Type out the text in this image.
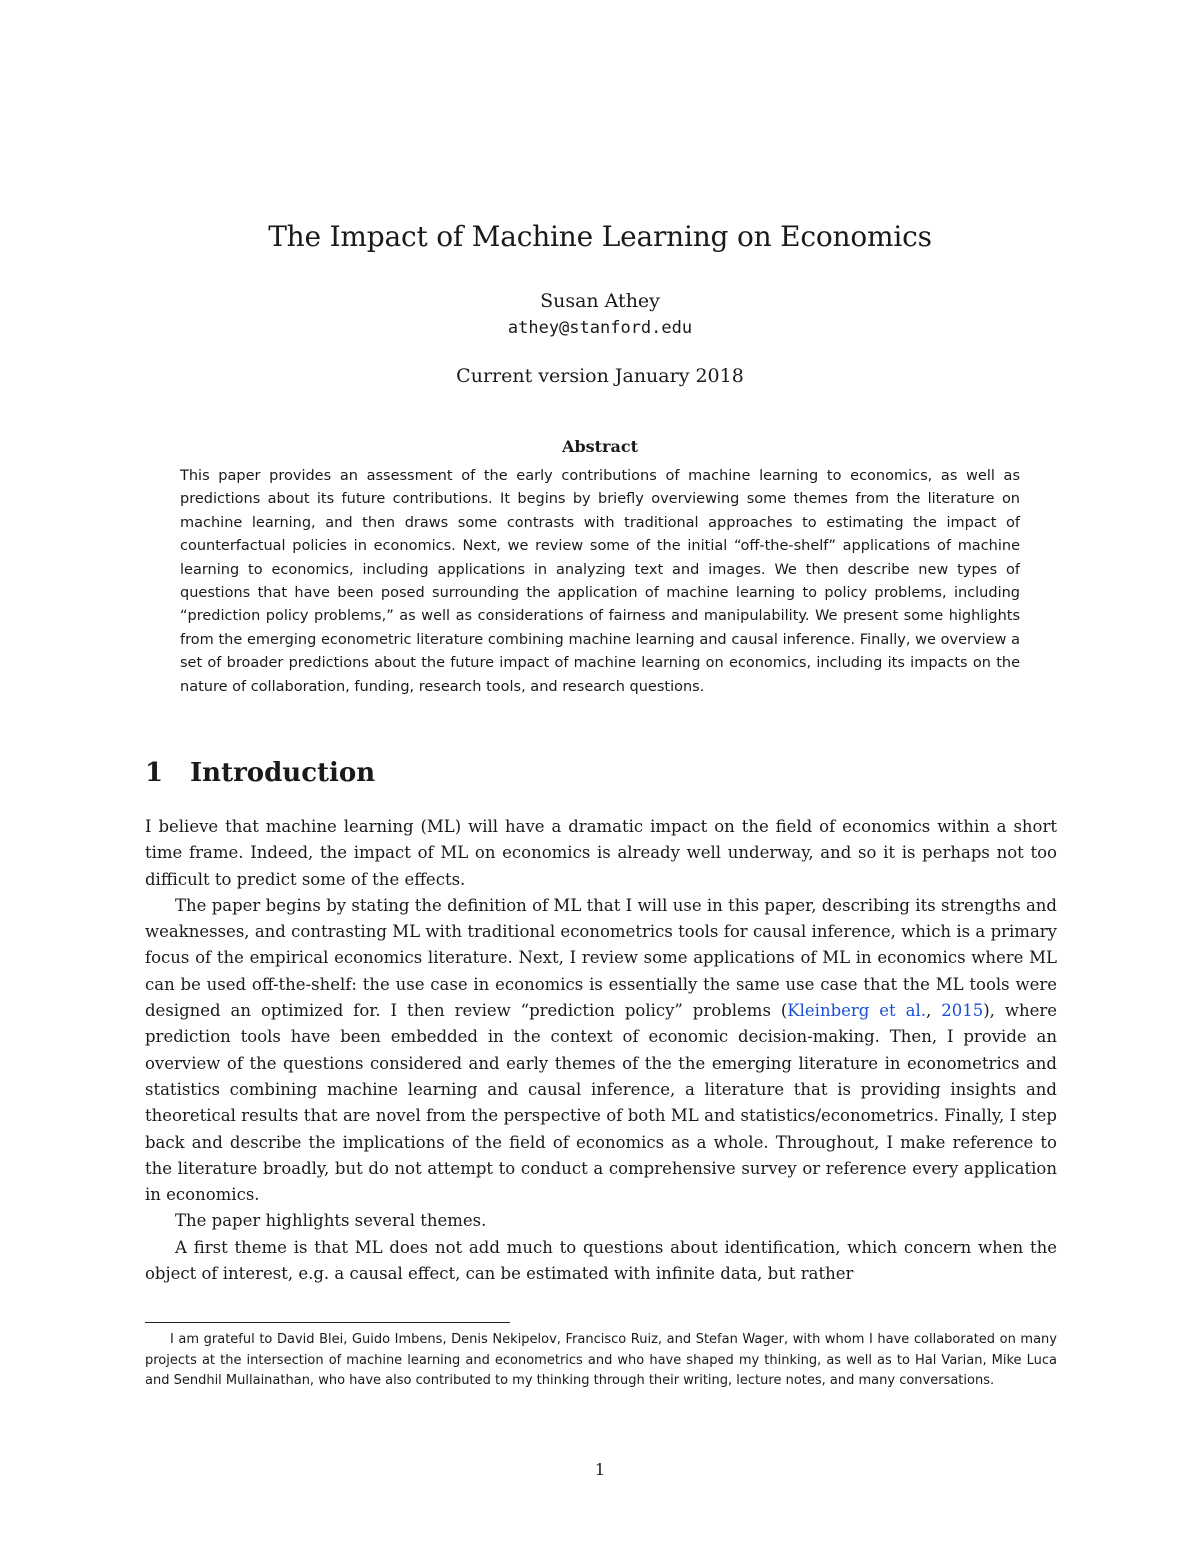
The Impact of Machine Learning on Economics
Susan Athey
athey@stanford.edu
Current version January 2018
Abstract
This paper provides an assessment of the early contributions of machine learning to economics, as well as predictions about its future contributions. It begins by briefly overviewing some themes from the literature on machine learning, and then draws some contrasts with traditional approaches to estimating the impact of counterfactual policies in economics. Next, we review some of the initial “off-the-shelf” applications of machine learning to economics, including applications in analyzing text and images. We then describe new types of questions that have been posed surrounding the application of machine learning to policy problems, including “prediction policy problems,” as well as considerations of fairness and manipulability. We present some highlights from the emerging econometric literature combining machine learning and causal inference. Finally, we overview a set of broader predictions about the future impact of machine learning on economics, including its impacts on the nature of collaboration, funding, research tools, and research questions.
1 Introduction

I believe that machine learning (ML) will have a dramatic impact on the field of economics within a short time frame. Indeed, the impact of ML on economics is already well underway, and so it is perhaps not too difficult to predict some of the effects.

The paper begins by stating the definition of ML that I will use in this paper, describing its strengths and weaknesses, and contrasting ML with traditional econometrics tools for causal inference, which is a primary focus of the empirical economics literature. Next, I review some applications of ML in economics where ML can be used off-the-shelf: the use case in economics is essentially the same use case that the ML tools were designed an optimized for. I then review “prediction policy” problems (Kleinberg et al., 2015), where prediction tools have been embedded in the context of economic decision-making. Then, I provide an overview of the questions considered and early themes of the the emerging literature in econometrics and statistics combining machine learning and causal inference, a literature that is providing insights and theoretical results that are novel from the perspective of both ML and statistics/econometrics. Finally, I step back and describe the implications of the field of economics as a whole. Throughout, I make reference to the literature broadly, but do not attempt to conduct a comprehensive survey or reference every application in economics.

The paper highlights several themes.

A first theme is that ML does not add much to questions about identification, which concern when the object of interest, e.g. a causal effect, can be estimated with infinite data, but rather

I am grateful to David Blei, Guido Imbens, Denis Nekipelov, Francisco Ruiz, and Stefan Wager, with whom I have collaborated on many projects at the intersection of machine learning and econometrics and who have shaped my thinking, as well as to Hal Varian, Mike Luca and Sendhil Mullainathan, who have also contributed to my thinking through their writing, lecture notes, and many conversations.

1
